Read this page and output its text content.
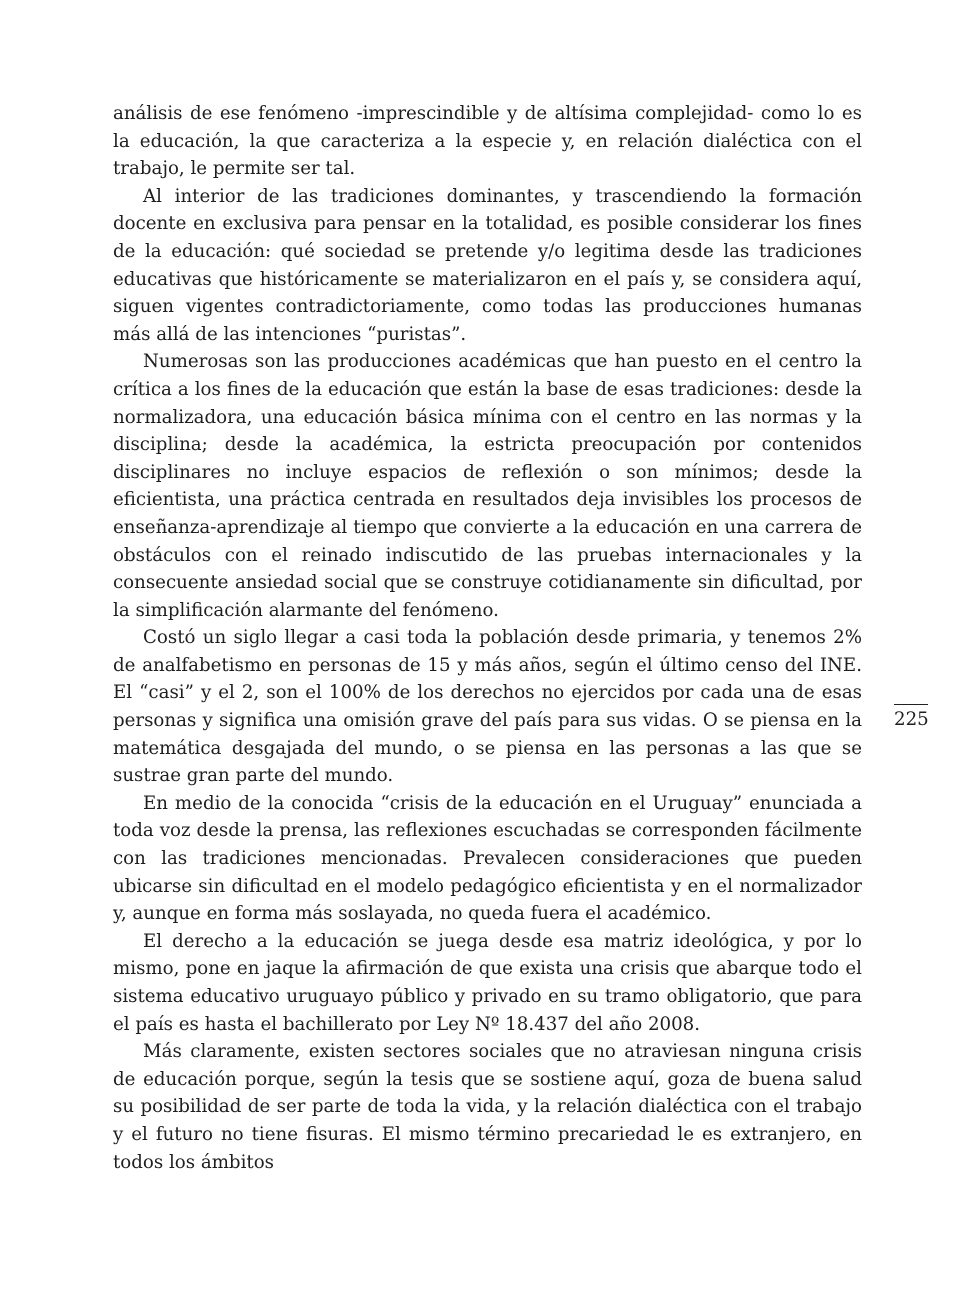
análisis de ese fenómeno -imprescindible y de altísima complejidad- como lo es la educación, la que caracteriza a la especie y, en relación dialéctica con el trabajo, le permite ser tal.

Al interior de las tradiciones dominantes, y trascendiendo la formación docente en exclusiva para pensar en la totalidad, es posible considerar los fines de la educación: qué sociedad se pretende y/o legitima desde las tradiciones educativas que históricamente se materializaron en el país y, se considera aquí, siguen vigentes contradictoriamente, como todas las producciones humanas más allá de las intenciones “puristas”.

Numerosas son las producciones académicas que han puesto en el centro la crítica a los fines de la educación que están la base de esas tradiciones: desde la normalizadora, una educación básica mínima con el centro en las normas y la disciplina; desde la académica, la estricta preocupación por contenidos disciplinares no incluye espacios de reflexión o son mínimos; desde la eficientista, una práctica centrada en resultados deja invisibles los procesos de enseñanza-aprendizaje al tiempo que convierte a la educación en una carrera de obstáculos con el reinado indiscutido de las pruebas internacionales y la consecuente ansiedad social que se construye cotidianamente sin dificultad, por la simplificación alarmante del fenómeno.

Costó un siglo llegar a casi toda la población desde primaria, y tenemos 2% de analfabetismo en personas de 15 y más años, según el último censo del INE. El “casi” y el 2, son el 100% de los derechos no ejercidos por cada una de esas personas y significa una omisión grave del país para sus vidas. O se piensa en la matemática desgajada del mundo, o se piensa en las personas a las que se sustrae gran parte del mundo.

En medio de la conocida “crisis de la educación en el Uruguay” enunciada a toda voz desde la prensa, las reflexiones escuchadas se corresponden fácilmente con las tradiciones mencionadas. Prevalecen consideraciones que pueden ubicarse sin dificultad en el modelo pedagógico eficientista y en el normalizador y, aunque en forma más soslayada, no queda fuera el académico.

El derecho a la educación se juega desde esa matriz ideológica, y por lo mismo, pone en jaque la afirmación de que exista una crisis que abarque todo el sistema educativo uruguayo público y privado en su tramo obligatorio, que para el país es hasta el bachillerato por Ley Nº 18.437 del año 2008.

Más claramente, existen sectores sociales que no atraviesan ninguna crisis de educación porque, según la tesis que se sostiene aquí, goza de buena salud su posibilidad de ser parte de toda la vida, y la relación dialéctica con el trabajo y el futuro no tiene fisuras. El mismo término precariedad le es extranjero, en todos los ámbitos

225
